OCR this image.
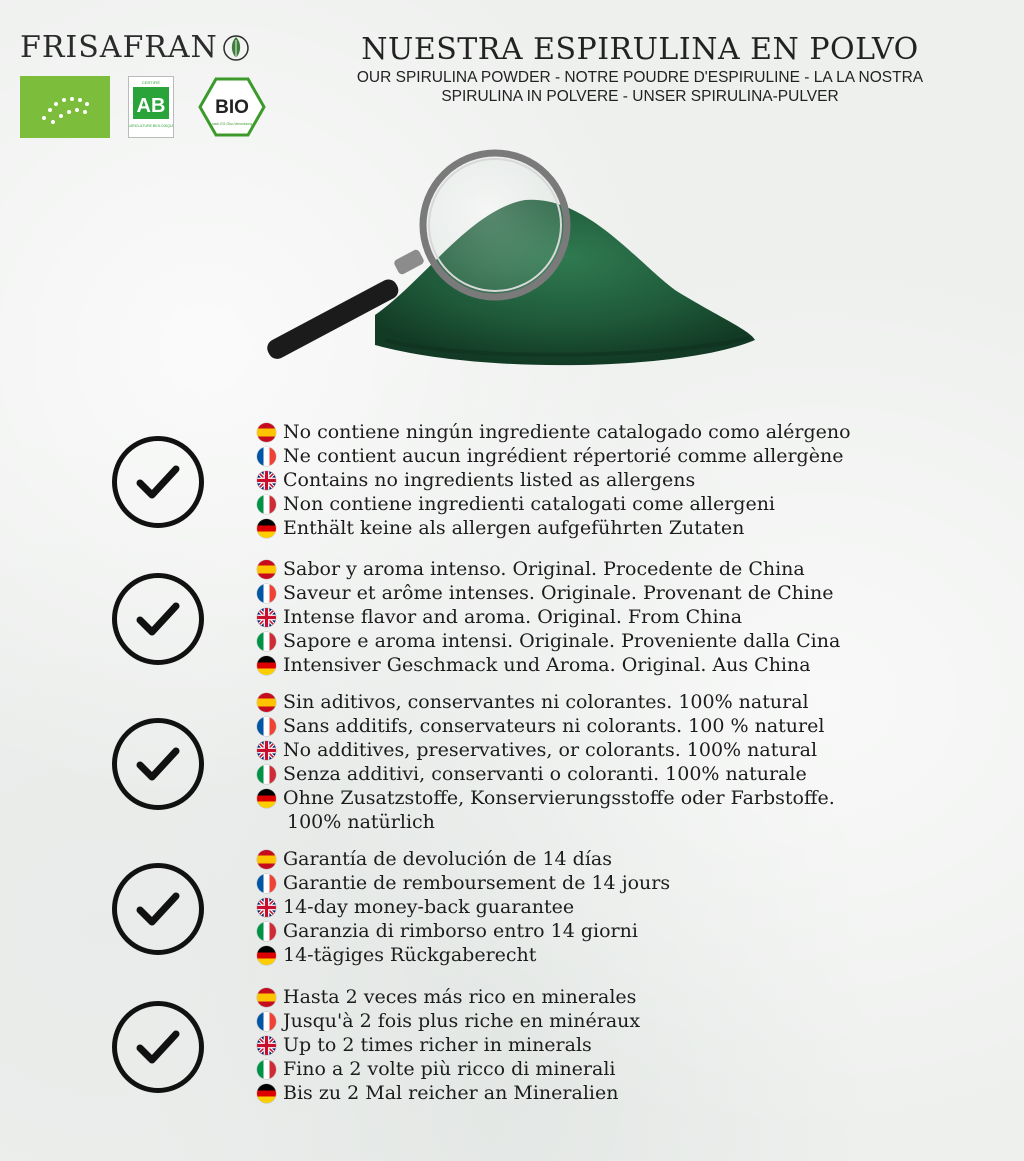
FRISAFRAN
CERTIFIÉ
AB
AGRICULTURE BIOLOGIQUE
BIO
nach EG-Öko-Verordnung
NUESTRA ESPIRULINA EN POLVO
OUR SPIRULINA POWDER - NOTRE POUDRE D'ESPIRULINE - LA LA NOSTRA SPIRULINA IN POLVERE - UNSER SPIRULINA-PULVER
No contiene ningún ingrediente catalogado como alérgeno
Ne contient aucun ingrédient répertorié comme allergène
Contains no ingredients listed as allergens
Non contiene ingredienti catalogati come allergeni
Enthält keine als allergen aufgeführten Zutaten
Sabor y aroma intenso. Original. Procedente de China
Saveur et arôme intenses. Originale. Provenant de Chine
Intense flavor and aroma. Original. From China
Sapore e aroma intensi. Originale. Proveniente dalla Cina
Intensiver Geschmack und Aroma. Original. Aus China
Sin aditivos, conservantes ni colorantes. 100% natural
Sans additifs, conservateurs ni colorants. 100 % naturel
No additives, preservatives, or colorants. 100% natural
Senza additivi, conservanti o coloranti. 100% naturale
Ohne Zusatzstoffe, Konservierungsstoffe oder Farbstoffe.
100% natürlich
Garantía de devolución de 14 días
Garantie de remboursement de 14 jours
14-day money-back guarantee
Garanzia di rimborso entro 14 giorni
14-tägiges Rückgaberecht
Hasta 2 veces más rico en minerales
Jusqu'à 2 fois plus riche en minéraux
Up to 2 times richer in minerals
Fino a 2 volte più ricco di minerali
Bis zu 2 Mal reicher an Mineralien
